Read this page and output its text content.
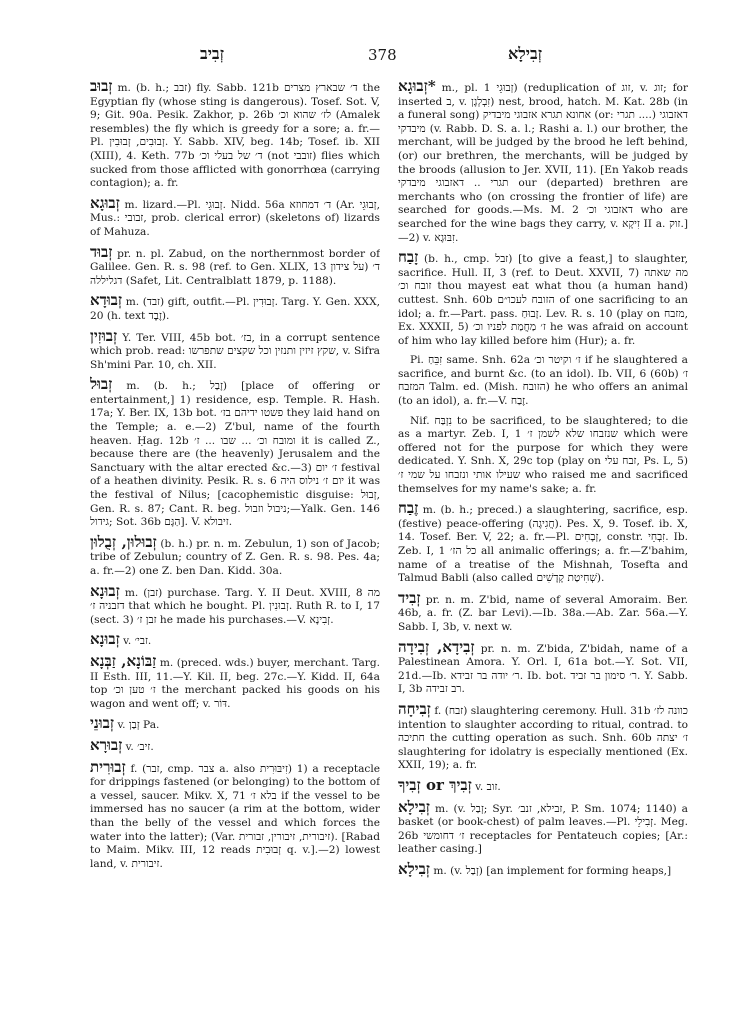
זְבִיב	378	זְבִילָא

זְבוּב m. (b. h.; זבב) fly. Sabb. 121b ד׳ שבארץ מצרים the Egyptian fly (whose sting is dangerous). Tosef. Sot. V, 9; Git. 90a. Pesik. Zakhor, p. 26b לז׳ שהוא וכ׳ (Amalek resembles) the fly which is greedy for a sore; a. fr.—Pl. זְבוּבִים, זְבוּבִין. Y. Sabb. XIV, beg. 14b; Tosef. ib. XII (XIII), 4. Keth. 77b ד׳ של בעלי וכ׳ (not זובבי) flies which sucked from those afflicted with gonorrhœa (carrying contagion); a. fr.

זְבוּגָא m. lizard.—Pl. זְבוּגֵי. Nidd. 56a ד׳ דמחוזא (Ar. זְבוּגֵי, Mus.: זבובי, prob. clerical error) (skeletons of) lizards of Mahuza.

זְבוּד pr. n. pl. Zabud, on the northernmost border of Galilee. Gen. R. s. 98 (ref. to Gen. XLIX, 13 על צידון) ד׳ דגליללה (Safet, Lit. Centralblatt 1879, p. 1188).

זְבוּדָא m. (זבד) gift, outfit.—Pl. זְבוּדִין. Targ. Y. Gen. XXX, 20 (h. text זֶבֶד).

זְבוּזִין Y. Ter. VIII, 45b bot. בז׳, in a corrupt sentence which prob. read: שקץ זיזין ותנזין וכל שקצים שתפרשו, v. Sifra Sh'mini Par. 10, ch. XII.

זְבוּל m. (b. h.; זָבַל) [place of offering or entertainment,] 1) residence, esp. Temple. R. Hash. 17a; Y. Ber. IX, 13b bot. פשטו ידיהם בז׳ they laid hand on the Temple; a. e.—2) Z'bul, name of the fourth heaven. Ḥag. 12b ומובח וכ׳ ... שבו ... ז׳ it is called Z., because there are (the heavenly) Jerusalem and the Sanctuary with the altar erected &c.—3) ז׳ יום festival of a heathen divinity. Pesik. R. s. 6 יום ז׳ נילוס היה it was the festival of Nilus; [cacophemistic disguise: זְבוּל, Gen. R. s. 87; Cant. R. beg. ניבול וזבול;—Yalk. Gen. 146 גידול; Sot. 36b הַגָּם]. V. זיבולא.

זְבוּלוּן, זְבֻלוּן (b. h.) pr. n. m. Zebulun, 1) son of Jacob; tribe of Zebulun; country of Z. Gen. R. s. 98. Pes. 4a; a. fr.—2) one Z. ben Dan. Kidd. 30a.

זְבוּנָא m. (זבן) purchase. Targ. Y. II Deut. XVIII, 8 מה דזבניה ז׳ that which he bought. Pl. זְבוּנִין. Ruth R. to I, 17 (sect. 3) זבן ז׳ he made his purchases.—V. זְבִינָא.

זְבוּנָא v. זבי׳.

זַבּוֹנָא, זַבְּנָא m. (preced. wds.) buyer, merchant. Targ. II Esth. III, 11.—Y. Kil. II, beg. 27c.—Y. Kidd. II, 64a top ז׳ טען וכ׳ the merchant packed his goods on his wagon and went off; v. דּוֹר.

זְבוּנֵי v. זְבַן Pa.

זְבוּרָא v. זיב׳.

זְבוּרִית f. (זבר, cmp. צבר a. also זִיבּוּרִית) 1) a receptacle for drippings fastened (or belonging) to the bottom of a vessel, saucer. Mikv. X, 71 בלא ז׳ if the vessel to be immersed has no saucer (a rim at the bottom, wider than the belly of the vessel and which forces the water into the latter); (Var. זיבורית, זיבורין, זבורית). [Rabad to Maim. Mikv. III, 12 reads זְבוּבִית q. v.].—2) lowest land, v. זיבורית.

*זְבוּגָא m., pl. זְבוּגֵי 1) (reduplication of זוג, v. זוג; for inserted ב, v. זִבְלְגָן) nest, brood, hatch. M. Kat. 28b (in a funeral song) אחונא תגרא אזבוגי מיבדיק (or: תגרי ....) דאזבוגי מיבדקי (v. Rabb. D. S. a. l.; Rashi a. l.) our brother, the merchant, will be judged by the brood he left behind, (or) our brethren, the merchants, will be judged by the broods (allusion to Jer. XVII, 11). [En Yakob reads תגרי .. דאזבוגי מיבדקי our (departed) brethren are merchants who (on crossing the frontier of life) are searched for goods.—Ms. M. 2 דאזבוגי וכ׳ who are searched for the wine bags they carry, v. זִיקָא II a. זוק.]—2) v. זִבּוּגָא.

זָבַח (b. h., cmp. זבל) [to give a feast,] to slaughter, sacrifice. Hull. II, 3 (ref. to Deut. XXVII, 7) מה שאתה זובח וכ׳ thou mayest eat what thou (a human hand) cuttest. Snh. 60b הזובח לעכו״ם of one sacrificing to an idol; a. fr.—Part. pass. זָבוּחַ. Lev. R. s. 10 (play on מזבח, Ex. XXXII, 5) ז׳ מַחֲמַת לפניו וכ׳ he was afraid on account of him who lay killed before him (Hur); a. fr.

Pi. זִבֵּחַ same. Snh. 62a ז׳ וקיטר וכ׳ if he slaughtered a sacrifice, and burnt &c. (to an idol). Ib. VII, 6 (60b) ז׳ המזבח Talm. ed. (Mish. הזובח) he who offers an animal (to an idol), a. fr.—V. זֶבַח.

Nif. נִזְבַּח to be sacrificed, to be slaughtered; to die as a martyr. Zeb. I, 1 שנזבחו שלא לשמן ז׳ which were offered not for the purpose for which they were dedicated. Y. Snh. X, 29c top (play on זבח עלי, Ps. L, 5) שעילו אותי ונזבחו על שמי ז׳ who raised me and sacrificed themselves for my name's sake; a. fr.

זֶבַח m. (b. h.; preced.) a slaughtering, sacrifice, esp. (festive) peace-offering (חֲגִיגָה). Pes. X, 9. Tosef. ib. X, 14. Tosef. Ber. V, 22; a. fr.—Pl. זְבָחִים, constr. זִבְחֵי. Ib. Zeb. I, 1 כל הז׳ all animalic offerings; a. fr.—Z'bahim, name of a treatise of the Mishnah, Tosefta and Talmud Babli (also called שְׁחִיטַת קָדָשִׁים).

זְבִיד pr. n. m. Z'bid, name of several Amoraim. Ber. 46b, a. fr. (Z. bar Levi).—Ib. 38a.—Ab. Zar. 56a.—Y. Sabb. I, 3b, v. next w.

זְבִידָא, זְבִידָה pr. n. m. Z'bida, Z'bidah, name of a Palestinean Amora. Y. Orl. I, 61a bot.—Y. Sot. VII, 21d.—Ib. ר׳ יודה בר זבידא. Ib. bot. ר׳ סימון בר זביד. Y. Sabb. I, 3b רב זבידה.

זְבִיחָה f. (זבח) slaughtering ceremony. Hull. 31b כוונה לז׳ intention to slaughter according to ritual, contrad. to חתיכה the cutting operation as such. Snh. 60b ז׳ יצתה slaughtering for idolatry is especially mentioned (Ex. XXII, 19); a. fr.

זְבִיךְ or זְבִיךָ v. זוב.

זְבִילָא m. (v. זְבַל; Syr. זבילא, זנב׳, P. Sm. 1074; 1140) a basket (or book-chest) of palm leaves.—Pl. זְבִילֵי. Meg. 26b ז׳ דחומשי receptacles for Pentateuch copies; [Ar.: leather casing.]

זְבִילָא m. (v. זְבַל) [an implement for forming heaps,]
